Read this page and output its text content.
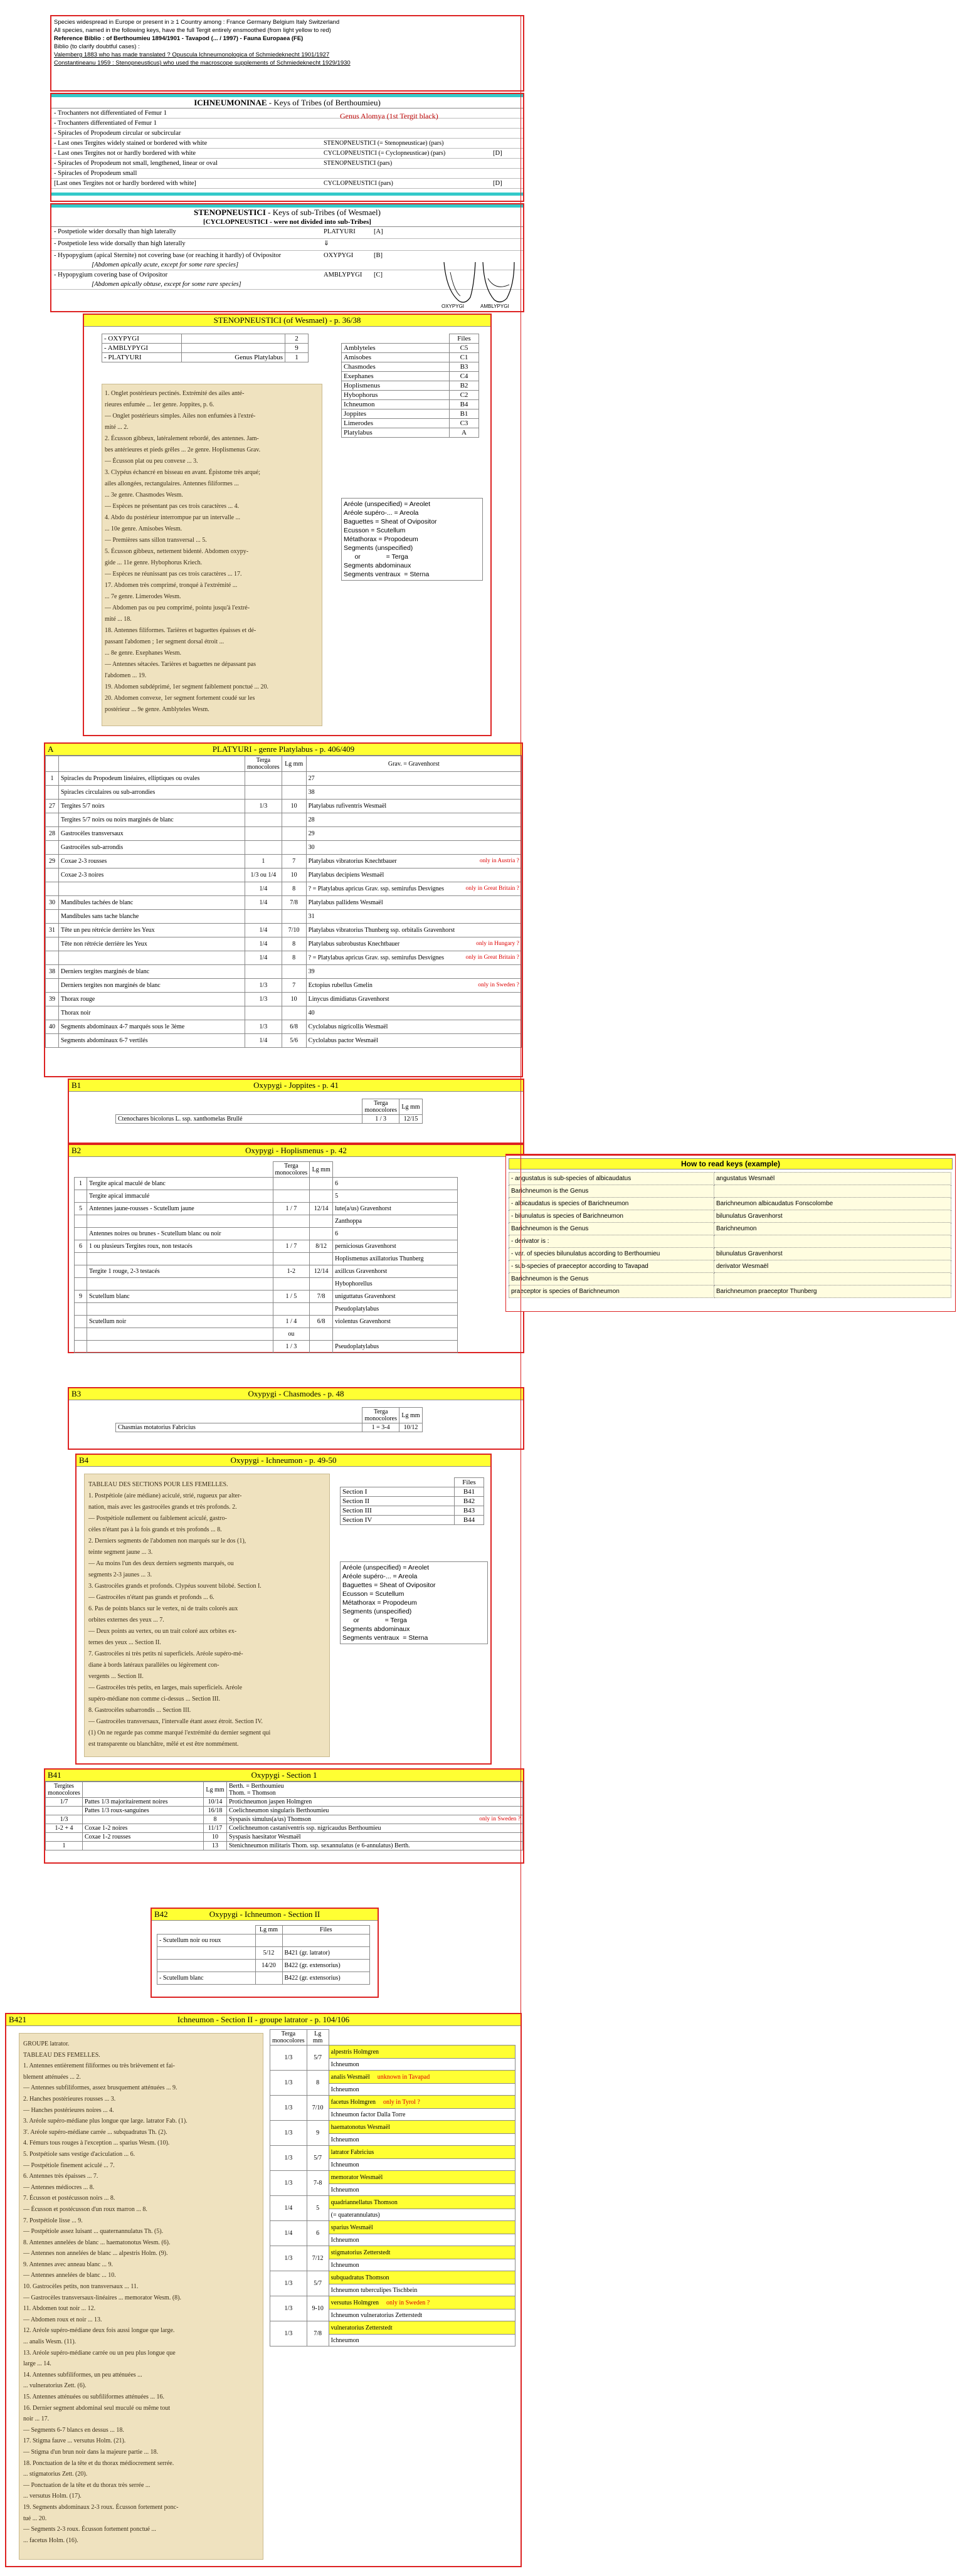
Species widespread in Europe or present in ≥ 1 Country among : France Germany Belgium Italy Switzerland
All species, named in the following keys, have the full Tergit entirely ensmoothed (from light yellow to red)
Reference Biblio : of Berthoumieu 1894/1901 - Tavapod (... / 1997) - Fauna Europaea (FE)
Biblio (to clarify doubtful cases) :
Valemberg 1883 who has made translated ? Opuscula Ichneumonologica of Schmiedeknecht 1901/1927
Constantineanu 1959 : Stenopneusticus) who used the macroscope supplements of Schmiedeknecht 1929/1930
ICHNEUMONINAE - Keys of Tribes (of Berthoumieu)
- Trochanters not differentiated of Femur 1
- Trochanters differentiated of Femur 1
- Spiracles of Propodeum circular or subcircular
- Last ones Tergites widely stained or bordered with white	STENOPNEUSTICI (= Stenopneusticae) (pars)
- Last ones Tergites not or hardly bordered with white	CYCLOPNEUSTICI (= Cyclopneusticae) (pars)	[D]
- Spiracles of Propodeum not small, lengthened, linear or oval	STENOPNEUSTICI (pars)
- Spiracles of Propodeum small
[Last ones Tergites not or hardly bordered with white]	CYCLOPNEUSTICI (pars)	[D]
Genus Alomya (1st Tergit black)
STENOPNEUSTICI - Keys of sub-Tribes (of Wesmael)
[CYCLOPNEUSTICI - were not divided into sub-Tribes]
- Postpetiole wider dorsally than high laterally	PLATYURI	[A]
- Postpetiole less wide dorsally than high laterally	⇓
- Hypopygium (apical Sternite) not covering base (or reaching it hardly) of Ovipositor
[Abdomen apically acute, except for some rare species]
OXYPYGI	[B]
- Hypopygium covering base of Ovipositor
[Abdomen apically obtuse, except for some rare species]
AMBLYPYGI	[C]
OXYPYGI	AMBLYPYGI
STENOPNEUSTICI (of Wesmael) - p. 36/38
- OXYPYGI		2
- AMBLYPYGI		9
- PLATYURI	Genus Platylabus	1
	Files
Amblyteles	C5
Amisobes	C1
Chasmodes	B3
Exephanes	C4
Hoplismenus	B2
Hybophorus	C2
Ichneumon	B4
Joppites	B1
Limerodes	C3
Platylabus	A
Aréole (unspecified) = Areolet
Aréole supéro-... = Areola
Baguettes = Sheat of Ovipositor
Ecusson = Scutellum
Métathorax = Propodeum
Segments (unspecified)
or              = Terga
Segments abdominaux
Segments ventraux  = Sterna
1. Onglet postérieurs pectinés. Extrémité des ailes anté-
rieures enfumée ... 1er genre. Joppites, p. 6.
— Onglet postérieurs simples. Ailes non enfumées à l'extré-
mité ... 2.
2. Écusson gibbeux, latéralement rebordé, des antennes. Jam-
bes antérieures et pieds grêles ... 2e genre. Hoplismenus Grav.
— Écusson plat ou peu convexe ... 3.
3. Clypéus échancré en bisseau en avant. Épistome très arqué;
ailes allongées, rectangulaires. Antennes filiformes ...
... 3e genre. Chasmodes Wesm.
— Espèces ne présentant pas ces trois caractères ... 4.
4. Abdo du postérieur interrompue par un intervalle ...
... 10e genre. Amisobes Wesm.
— Premières sans sillon transversal ... 5.
5. Écusson gibbeux, nettement bidenté. Abdomen oxypy-
gide ... 11e genre. Hybophorus Kriech.
— Espèces ne réunissant pas ces trois caractères ... 17.
17. Abdomen très comprimé, tronqué à l'extrémité ...
... 7e genre. Limerodes Wesm.
— Abdomen pas ou peu comprimé, pointu jusqu'à l'extré-
mité ... 18.
18. Antennes filiformes. Tarières et baguettes épaisses et dé-
passant l'abdomen ; 1er segment dorsal étroit ...
... 8e genre. Exephanes Wesm.
— Antennes sétacées. Tarières et baguettes ne dépassant pas
l'abdomen ... 19.
19. Abdomen subdéprimé, 1er segment faiblement ponctué ... 20.
20. Abdomen convexe, 1er segment fortement coudé sur les
postérieur ... 9e genre. Amblyteles Wesm.
A	PLATYURI - genre Platylabus - p. 406/409
		Terga monocolores	Lg mm	Grav. = Gravenhorst
1	Spiracles du Propodeum linéaires, elliptiques ou ovales			27
	Spiracles circulaires ou sub-arrondies			38
27	Tergites 5/7 noirs	1/3	10	Platylabus rufiventris Wesmaël
	Tergites 5/7 noirs ou noirs marginés de blanc			28
28	Gastrocèles transversaux			29
	Gastrocèles sub-arrondis			30
29	Coxae 2-3 rousses	1	7	Platylabus vibratorius Knechtbauer only in Austria ?

	Coxae 2-3 noires	1/3 ou 1/4	10	Platylabus decipiens Wesmaël
		1/4	8	? = Platylabus apricus Grav. ssp. semirufus Desvignes only in Great Britain ?

30	Mandibules tachées de blanc	1/4	7/8	Platylabus pallidens Wesmaël
	Mandibules sans tache blanche			31
31	Tête un peu rétrécie derrière les Yeux	1/4	7/10	Platylabus vibratorius Thunberg ssp. orbitalis Gravenhorst
	Tête non rétrécie derrière les Yeux	1/4	8	Platylabus subrobustus Knechtbauer only in Hungary ?

		1/4	8	? = Platylabus apricus Grav. ssp. semirufus Desvignes only in Great Britain ?

38	Derniers tergites marginés de blanc			39
	Derniers tergites non marginés de blanc	1/3	7	Ectopius rubellus Gmelin only in Sweden ?

39	Thorax rouge	1/3	10	Linycus dimidiatus Gravenhorst
	Thorax noir			40
40	Segments abdominaux 4-7 marqués sous le 3ème	1/3	6/8	Cyclolabus nigricollis Wesmaël
	Segments abdominaux 6-7 vertilés	1/4	5/6	Cyclolabus pactor Wesmaël
B1	Oxypygi - Joppites - p. 41
	Terga monocolores	Lg mm
Ctenochares bicolorus L. ssp. xanthomelas Brullé	1 / 3	12/15
B2	Oxypygi - Hoplismenus - p. 42
		Terga monocolores	Lg mm	
1	Tergite apical maculé de blanc			6
	Tergite apical immaculé			5
5	Antennes jaune-rousses - Scutellum jaune	1 / 7	12/14	lute(a/us) Gravenhorst
				Zanthoppa
	Antennes noires ou brunes - Scutellum blanc ou noir			6
6	1 ou plusieurs Tergites roux, non testacés	1 / 7	8/12	perniciosus Gravenhorst
				Hoplismenus axillatorius Thunberg
	Tergite 1 rouge, 2-3 testacés	1-2	12/14	axillcus Gravenhorst
				Hybophorellus
9	Scutellum blanc	1 / 5	7/8	uniguttatus Gravenhorst
				Pseudoplatylabus
	Scutellum noir	1 / 4	6/8	violentus Gravenhorst
		ou		
		1 / 3		Pseudoplatylabus
How to read keys (example)
- angustatus is sub-species of albicaudatus	angustatus Wesmaël
Barichneumon is the Genus	
- albicaudatus is species of Barichneumon	Barichneumon albicaudatus Fonscolombe
- bilunulatus is species of Barichneumon	bilunulatus Gravenhorst
Barichneumon is the Genus	Barichneumon
- derivator is :	
- var. of species bilunulatus according to Berthoumieu	bilunulatus Gravenhorst
- sub-species of praeceptor according to Tavapad	derivator Wesmaël
Barichneumon is the Genus	
praeceptor is species of Barichneumon	Barichneumon praeceptor Thunberg
B3	Oxypygi - Chasmodes - p. 48
	Terga monocolores	Lg mm
Chasmias motatorius Fabricius	1 = 3-4	10/12
B4	Oxypygi - Ichneumon - p. 49-50
TABLEAU DES SECTIONS POUR LES FEMELLES.
1. Postpétiole (aire médiane) aciculé, strié, rugueux par alter-
nation, mais avec les gastrocèles grands et très profonds. 2.
— Postpétiole nullement ou faiblement aciculé, gastro-
cèles n'étant pas à la fois grands et très profonds ... 8.
2. Derniers segments de l'abdomen non marqués sur le dos (1),
teinte segment jaune ... 3.
— Au moins l'un des deux derniers segments marqués, ou
segments 2-3 jaunes ... 3.
3. Gastrocèles grands et profonds. Clypéus souvent bilobé. Section I.
— Gastrocèles n'étant pas grands et profonds ... 6.
6. Pas de points blancs sur le vertex, ni de traits colorés aux
orbites externes des yeux ... 7.
— Deux points au vertex, ou un trait coloré aux orbites ex-
ternes des yeux ... Section II.
7. Gastrocèles ni très petits ni superficiels. Aréole supéro-mé-
diane à bords latéraux parallèles ou légèrement con-
vergents ... Section II.
— Gastrocèles très petits, en larges, mais superficiels. Aréole
supéro-médiane non comme ci-dessus ... Section III.
8. Gastrocèles subarrondis ... Section III.
— Gastrocèles transversaux, l'intervalle étant assez étroit. Section IV.
(1) On ne regarde pas comme marqué l'extrémité du dernier segment qui
est transparente ou blanchâtre, mêlé et est être nommément.
	Files
Section I	B41
Section II	B42
Section III	B43
Section IV	B44
Aréole (unspecified) = Areolet
Aréole supéro-... = Areola
Baguettes = Sheat of Ovipositor
Ecusson = Scutellum
Métathorax = Propodeum
Segments (unspecified)
or              = Terga
Segments abdominaux
Segments ventraux  = Sterna
B41	Oxypygi - Section 1
Tergites monocolores		Lg mm	Berth. = Berthoumieu
Thom. = Thomson

1/7	Pattes 1/3 majoritairement noires	10/14	Protichneumon jaspen Holmgren
	Pattes 1/3 roux-sanguines	16/18	Coelichneumon singularis Berthoumieu
1/3		8	Syspasis simulus(a/us) Thomson only in Sweden ?

1-2 + 4	Coxae 1-2 noires	11/17	Coelichneumon castaniventris ssp. nigricaudus Berthoumieu
	Coxae 1-2 rousses	10	Syspasis haesitator Wesmaël
1		13	Stenichneumon militaris Thom. ssp. sexannulatus (e 6-annulatus) Berth.
B42	Oxypygi - Ichneumon - Section II
	Lg mm	Files
- Scutellum noir ou roux		
	5/12	B421 (gr. latrator)
	14/20	B422 (gr. extensorius)
- Scutellum blanc		B422 (gr. extensorius)
B421	Ichneumon - Section II - groupe latrator - p. 104/106
GROUPE latrator.
TABLEAU DES FEMELLES.
1. Antennes entièrement filiformes ou très brièvement et fai-
blement atténuées ... 2.
— Antennes subfiliformes, assez brusquement atténuées ... 9.
2. Hanches postérieures rousses ... 3.
— Hanches postérieures noires ... 4.
3. Aréole supéro-médiane plus longue que large. latrator Fab. (1).
3'. Aréole supéro-médiane carrée ... subquadratus Th. (2).
4. Fémurs tous rouges à l'exception ... sparius Wesm. (10).
5. Postpétiole sans vestige d'aciculation ... 6.
— Postpétiole finement aciculé ... 7.
6. Antennes très épaisses ... 7.
— Antennes médiocres ... 8.
7. Écusson et postécusson noirs ... 8.
— Écusson et postécusson d'un roux marron ... 8.
7. Postpétiole lisse ... 9.
— Postpétiole assez luisant ... quaternannulatus Th. (5).
8. Antennes annelées de blanc ... haematonotus Wesm. (6).
— Antennes non annelées de blanc ... alpestris Holm. (9).
9. Antennes avec anneau blanc ... 9.
— Antennes annelées de blanc ... 10.
10. Gastrocèles petits, non transversaux ... 11.
— Gastrocèles transversaux-linéaires ... memorator Wesm. (8).
11. Abdomen tout noir ... 12.
— Abdomen roux et noir ... 13.
12. Aréole supéro-médiane deux fois aussi longue que large.
... analis Wesm. (11).
13. Aréole supéro-médiane carrée ou un peu plus longue que
large ... 14.
14. Antennes subfiliformes, un peu atténuées ...
... vulneratorius Zett. (6).
15. Antennes atténuées ou subfiliformes atténuées ... 16.
16. Dernier segment abdominal seul muculé ou même tout
noir ... 17.
— Segments 6-7 blancs en dessus ... 18.
17. Stigma fauve ... versutus Holm. (21).
— Stigma d'un brun noir dans la majeure partie ... 18.
18. Ponctuation de la tête et du thorax médiocrement serrée.
... stigmatorius Zett. (20).
— Ponctuation de la tête et du thorax très serrée ...
... versutus Holm. (17).
19. Segments abdominaux 2-3 roux. Écusson fortement ponc-
tué ... 20.
— Segments 2-3 roux. Écusson fortement ponctué ...
... facetus Holm. (16).
Terga monocolores	Lg mm	
1/3	5/7	alpestris Holmgren
		Ichneumon
1/3	8	analis Wesmaël unknown in Tavapad
		Ichneumon
1/3	7/10	facetus Holmgren only in Tyrol ?
		Ichneumon factor Dalla Torre
1/3	9	haematonotus Wesmaël
		Ichneumon
1/3	5/7	latrator Fabricius
		Ichneumon
1/3	7-8	memorator Wesmaël
		Ichneumon
1/4	5	quadriannellatus Thomson
		(= quaterannulatus)
1/4	6	sparius Wesmaël
		Ichneumon
1/3	7/12	stigmatorius Zetterstedt
		Ichneumon
1/3	5/7	subquadratus Thomson
		Ichneumon tuberculipes Tischbein
1/3	9-10	versutus Holmgren only in Sweden ?
		Ichneumon vulneratorius Zetterstedt
1/3	7/8	vulneratorius Zetterstedt
		Ichneumon
